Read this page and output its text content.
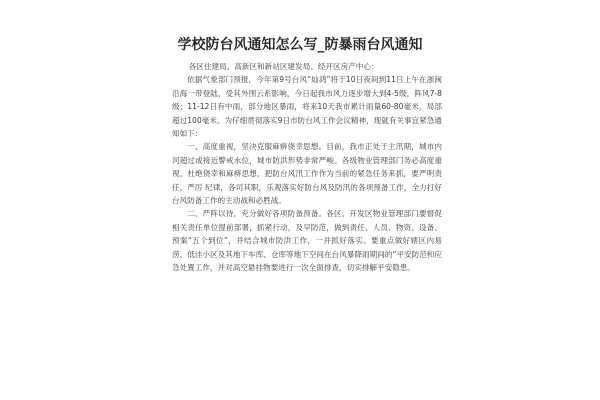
学校防台风通知怎么写_防暴雨台风通知

各区住建局、高新区和新站区建发局、经开区房产中心：

依据气象部门预报，今年第9号台风“灿鸿”将于10日夜间到11日上午在浙闽沿海一带登陆，受其外围云系影响，今日起我市风力逐步增大到4-5级，阵风7-8级；11-12日有中雨，部分地区暴雨，将来10天我市累计雨量60-80毫米，局部超过100毫米。为仔细贯彻落实9日市防台风工作会议精神，现就有关事宜紧急通知如下：

一、高度重视，坚决克服麻痹侥幸思想。目前，我市正处于主汛期，城市内河超过或接近警戒水位，城市防洪形势非常严峻。各级物业管理部门务必高度重视，杜绝侥幸和麻痹思想，把防台风汛工作作为当前的紧急任务来抓，要严明责任，严厉 纪律，各司其职，乐观落实好防台风及防汛的各项预备工作，全力打好台风防备工作的主动战和必胜战。

二、严阵以待，充分做好各项防备预备。各区、开发区物业管理部门要督促相关责任单位提前部署，抓紧行动，及早防范，做到责任、人员、物资、设备、预案“五个到位”，并结合城市防洪工作，一并抓好落实。要重点做好辖区内易涝、低洼小区及其地下车库、仓库等地下空间在台风暴降雨期间的“平安防范和应急处置工作，并对高空悬挂物要进行一次全面排查，切实排解平安隐患。
